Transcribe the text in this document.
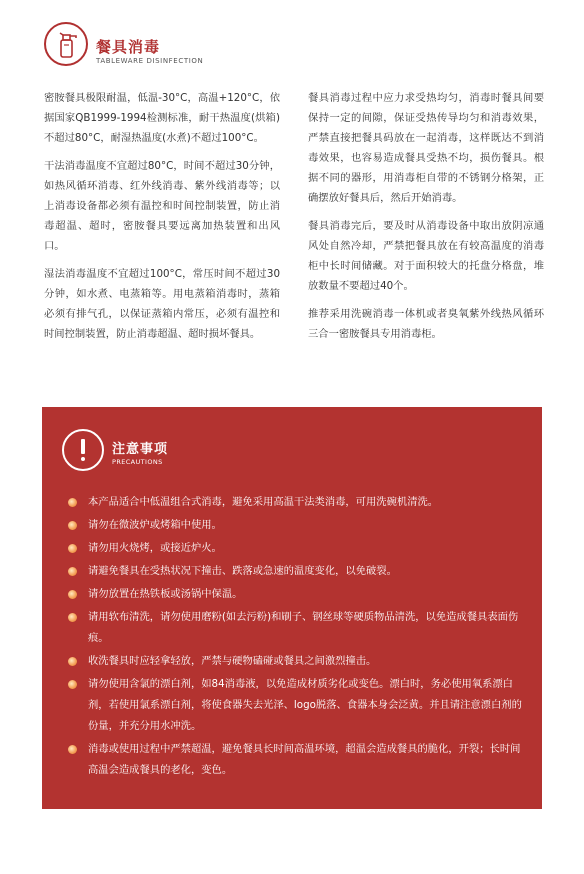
餐具消毒
TABLEWARE DISINFECTION

密胺餐具极限耐温，低温-30°C，高温+120°C，依据国家QB1999-1994检测标准，耐干热温度(烘箱)不超过80°C，耐湿热温度(水煮)不超过100°C。

干法消毒温度不宜超过80°C，时间不超过30分钟，如热风循环消毒、红外线消毒、紫外线消毒等；以上消毒设备都必须有温控和时间控制装置，防止消毒超温、超时，密胺餐具要远离加热装置和出风口。

湿法消毒温度不宜超过100°C，常压时间不超过30分钟，如水煮、电蒸箱等。用电蒸箱消毒时，蒸箱必须有排气孔，以保证蒸箱内常压，必须有温控和时间控制装置，防止消毒超温、超时损坏餐具。

餐具消毒过程中应力求受热均匀，消毒时餐具间要保持一定的间隙，保证受热传导均匀和消毒效果，严禁直接把餐具码放在一起消毒，这样既达不到消毒效果，也容易造成餐具受热不均，损伤餐具。根据不同的器形，用消毒柜自带的不锈钢分格架，正确摆放好餐具后，然后开始消毒。

餐具消毒完后，要及时从消毒设备中取出放阴凉通风处自然冷却，严禁把餐具放在有较高温度的消毒柜中长时间储藏。对于面积较大的托盘分格盘，堆放数量不要超过40个。

推荐采用洗碗消毒一体机或者臭氧紫外线热风循环三合一密胺餐具专用消毒柜。

注意事项
PRECAUTIONS
本产品适合中低温组合式消毒，避免采用高温干法类消毒，可用洗碗机清洗。
请勿在微波炉或烤箱中使用。
请勿用火烧烤，或接近炉火。
请避免餐具在受热状况下撞击、跌落或急速的温度变化，以免破裂。
请勿放置在热铁板或汤锅中保温。
请用软布清洗，请勿使用磨粉(如去污粉)和刷子、钢丝球等硬质物品清洗，以免造成餐具表面伤痕。
收洗餐具时应轻拿轻放，严禁与硬物磕碰或餐具之间激烈撞击。
请勿使用含氯的漂白剂，如84消毒液，以免造成材质劣化或变色。漂白时，务必使用氧系漂白剂，若使用氯系漂白剂，将使食器失去光泽、logo脱落、食器本身会泛黄。并且请注意漂白剂的份量，并充分用水冲洗。
消毒或使用过程中严禁超温，避免餐具长时间高温环境，超温会造成餐具的脆化，开裂；长时间高温会造成餐具的老化，变色。
